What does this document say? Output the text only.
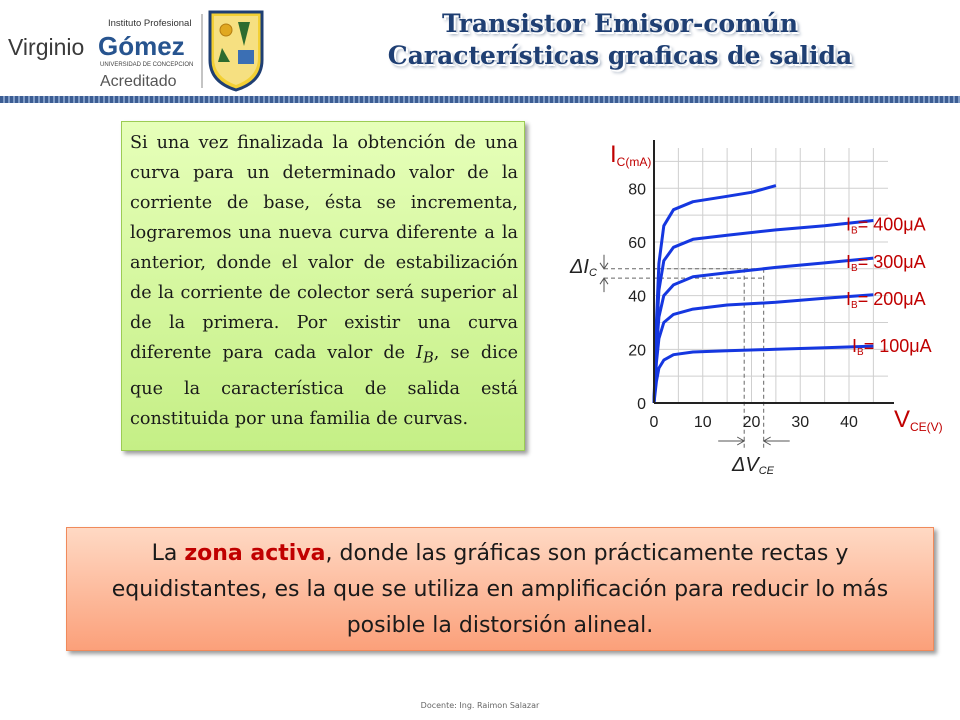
Instituto Profesional
Virginio Gómez
UNIVERSIDAD DE CONCEPCION
Acreditado
Transistor Emisor-común
Características graficas de salida
Si una vez finalizada la obtención de una curva para un determinado valor de la corriente de base, ésta se incrementa, lograremos una nueva curva diferente a la anterior, donde el valor de estabilización de la corriente de colector será superior al de la primera. Por existir una curva diferente para cada valor de $I_B$, se dice que la característica de salida está constituida por una familia de curvas.
ΔIC
ΔVCE
IB= 100μA
IB= 200μA
IB= 300μA
IB= 400μA
0 10 20 30 40
0
20
40
60
80
$I_{C(mA)}$
$V_{CE(V)}$
La zona activa, donde las gráficas son prácticamente rectas y equidistantes, es la que se utiliza en amplificación para reducir lo más posible la distorsión alineal.
Docente: Ing. Raimon Salazar
